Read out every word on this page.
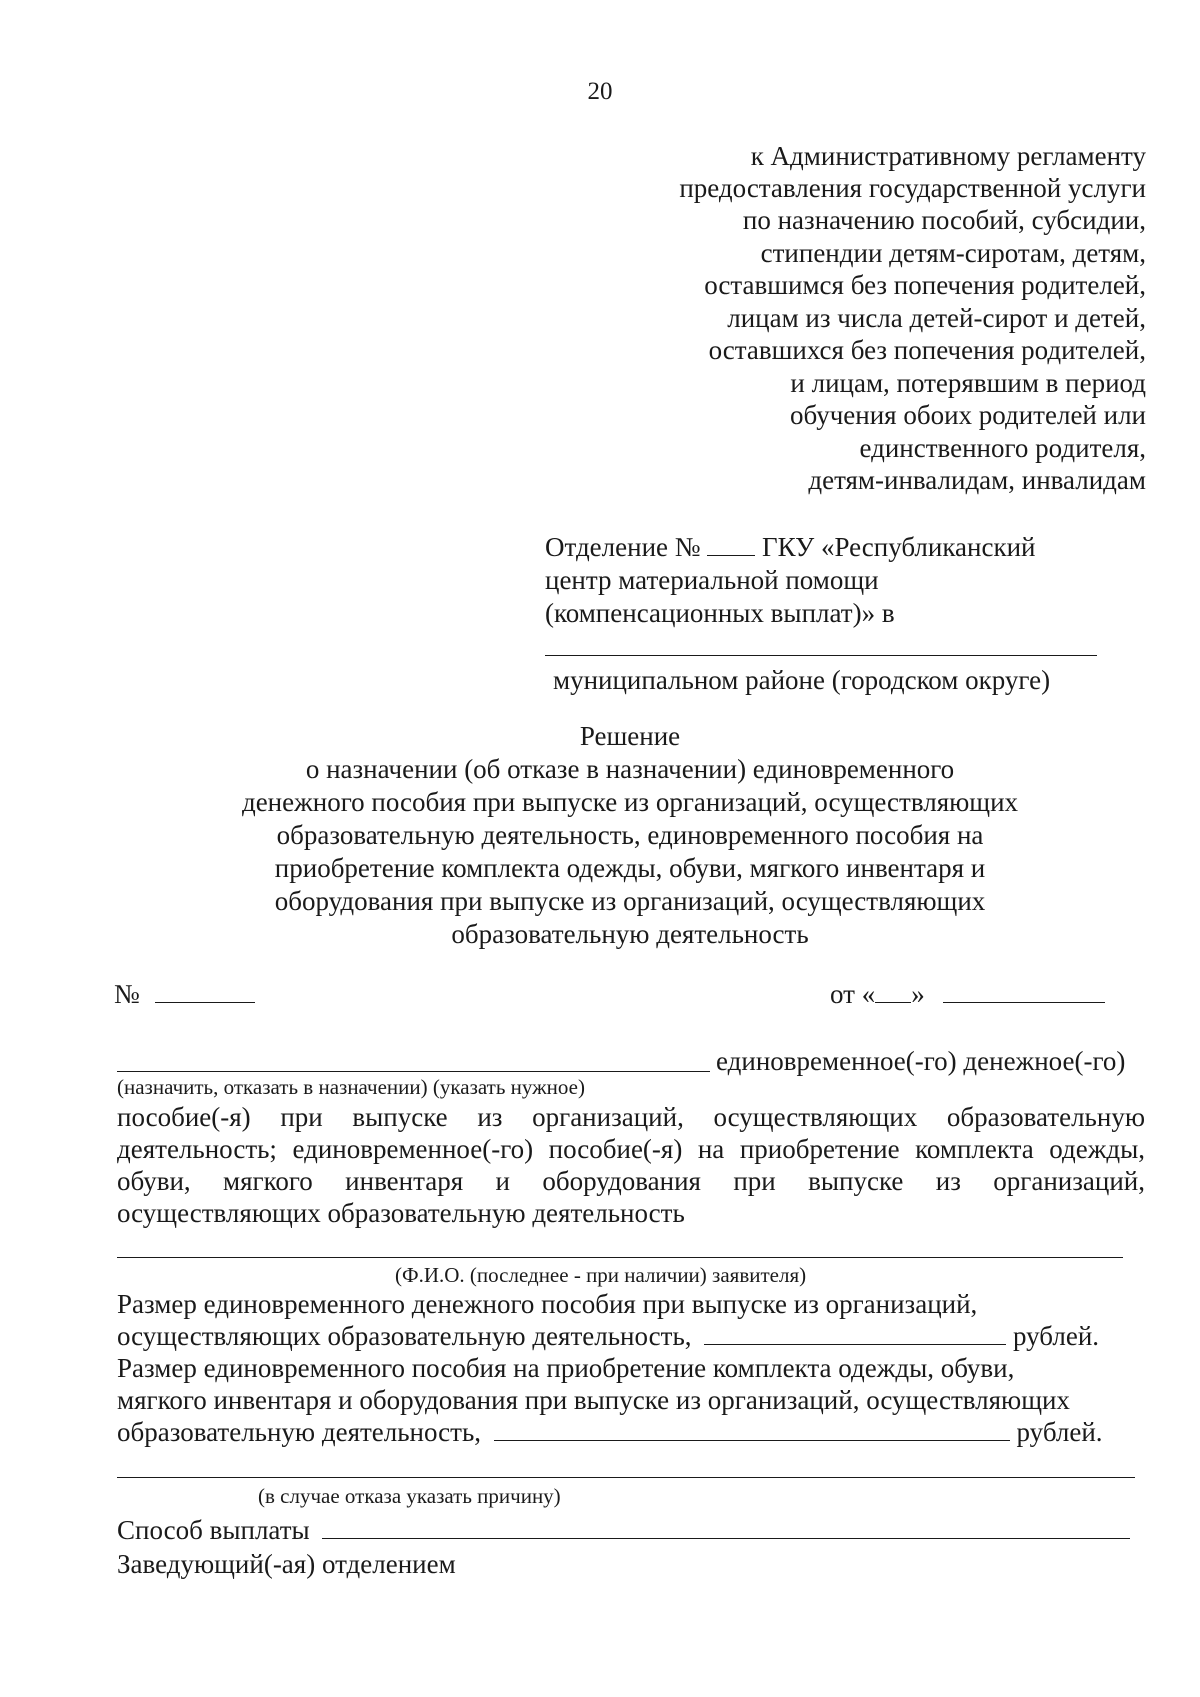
20
к Административному регламенту
предоставления государственной услуги
по назначению пособий, субсидии,
стипендии детям-сиротам, детям,
оставшимся без попечения родителей,
лицам из числа детей-сирот и детей,
оставшихся без попечения родителей,
и лицам, потерявшим в период
обучения обоих родителей или
единственного родителя,
детям-инвалидам, инвалидам
Отделение № ГКУ «Республиканский
центр материальной помощи
(компенсационных выплат)» в
муниципальном районе (городском округе)
Решение
о назначении (об отказе в назначении) единовременного
денежного пособия при выпуске из организаций, осуществляющих
образовательную деятельность, единовременного пособия на
приобретение комплекта одежды, обуви, мягкого инвентаря и
оборудования при выпуске из организаций, осуществляющих
образовательную деятельность
№	от « »
единовременное(-го) денежное(-го)
(назначить, отказать в назначении) (указать нужное)
пособие(-я) при выпуске из организаций, осуществляющих образовательную
деятельность; единовременное(-го) пособие(-я) на приобретение комплекта одежды,
обуви, мягкого инвентаря и оборудования при выпуске из организаций,
осуществляющих образовательную деятельность
(Ф.И.О. (последнее - при наличии) заявителя)
Размер единовременного денежного пособия при выпуске из организаций,
осуществляющих образовательную деятельность,	рублей.
Размер единовременного пособия на приобретение комплекта одежды, обуви,
мягкого инвентаря и оборудования при выпуске из организаций, осуществляющих
образовательную деятельность,	рублей.
(в случае отказа указать причину)
Способ выплаты
Заведующий(-ая) отделением
